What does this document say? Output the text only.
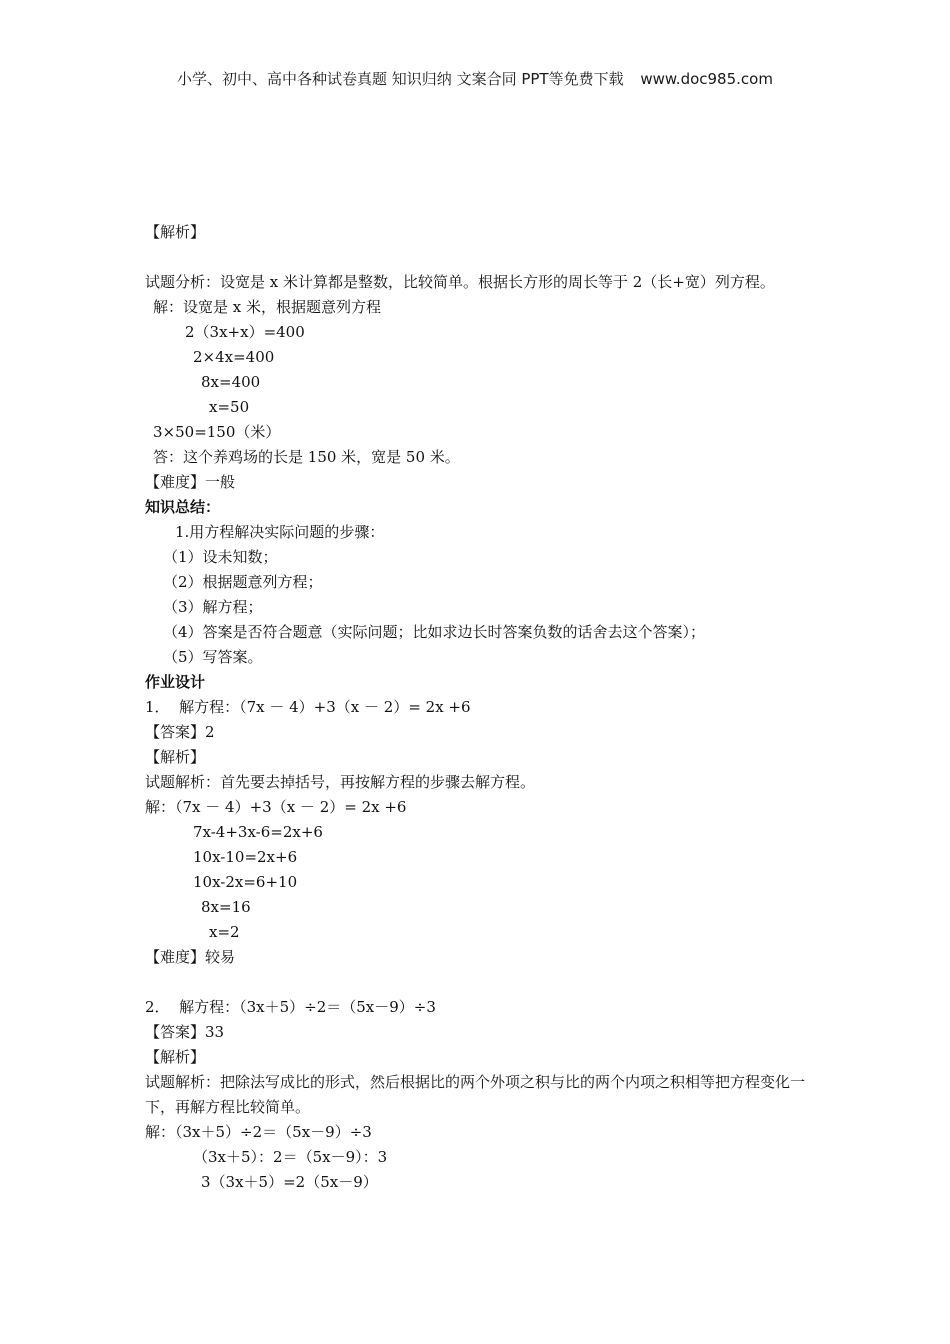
小学、初中、高中各种试卷真题 知识归纳 文案合同 PPT等免费下载 www.doc985.com
【解析】
试题分析：设宽是 x 米计算都是整数，比较简单。根据长方形的周长等于 2（长+宽）列方程。
解：设宽是 x 米，根据题意列方程
2（3x+x）=400
2×4x=400
8x=400
x=50
3×50=150（米）
答：这个养鸡场的长是 150 米，宽是 50 米。
【难度】一般
知识总结：
1.用方程解决实际问题的步骤：
（1）设未知数；
（2）根据题意列方程；
（3）解方程；
（4）答案是否符合题意（实际问题；比如求边长时答案负数的话舍去这个答案）；
（5）写答案。
作业设计
1．  解方程：（7x － 4）+3（x － 2）= 2x +6
【答案】2
【解析】
试题解析：首先要去掉括号，再按解方程的步骤去解方程。
解：（7x － 4）+3（x － 2）= 2x +6
7x-4+3x-6=2x+6
10x-10=2x+6
10x-2x=6+10
8x=16
x=2
【难度】较易
2．  解方程：（3x＋5）÷2＝（5x－9）÷3
【答案】33
【解析】
试题解析：把除法写成比的形式，然后根据比的两个外项之积与比的两个内项之积相等把方程变化一下，再解方程比较简单。
解：（3x＋5）÷2＝（5x－9）÷3
（3x＋5）：2＝（5x－9）：3
3（3x＋5）=2（5x－9）
